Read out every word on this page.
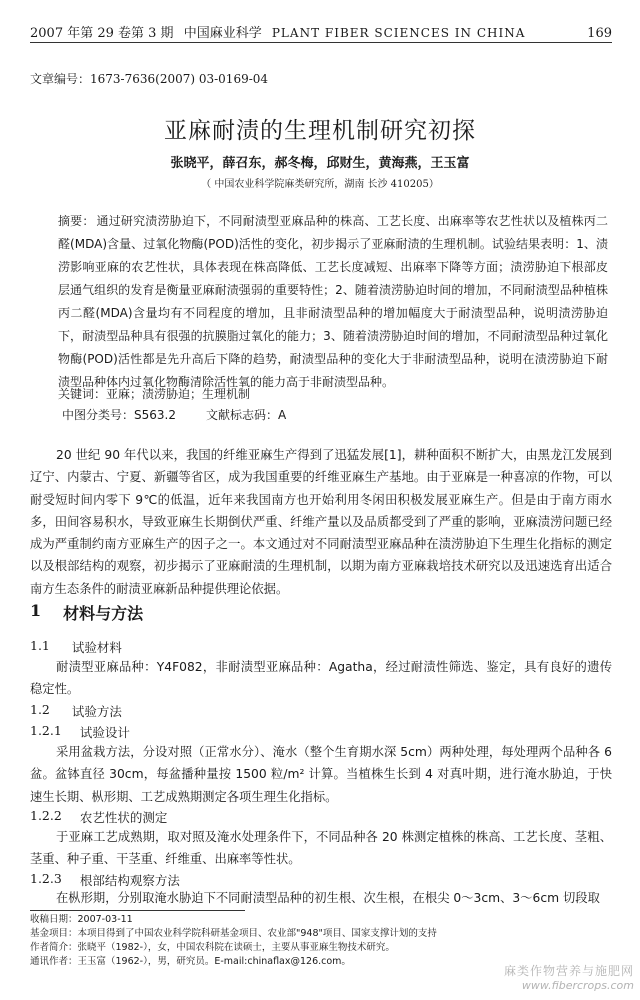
2007 年第 29 卷第 3 期 中国麻业科学 PLANT FIBER SCIENCES IN CHINA	169
文章编号：1673-7636(2007) 03-0169-04
亚麻耐渍的生理机制研究初探
张晓平，薛召东，郝冬梅，邱财生，黄海燕，王玉富
（ 中国农业科学院麻类研究所，湖南 长沙 410205）
摘要： 通过研究渍涝胁迫下，不同耐渍型亚麻品种的株高、工艺长度、出麻率等农艺性状以及植株丙二醛(MDA)含量、过氧化物酶(POD)活性的变化，初步揭示了亚麻耐渍的生理机制。试验结果表明：1、渍涝影响亚麻的农艺性状，具体表现在株高降低、工艺长度减短、出麻率下降等方面；渍涝胁迫下根部皮层通气组织的发育是衡量亚麻耐渍强弱的重要特性；2、随着渍涝胁迫时间的增加，不同耐渍型品种植株丙二醛(MDA)含量均有不同程度的增加，且非耐渍型品种的增加幅度大于耐渍型品种，说明渍涝胁迫下，耐渍型品种具有很强的抗膜脂过氧化的能力；3、随着渍涝胁迫时间的增加，不同耐渍型品种过氧化物酶(POD)活性都是先升高后下降的趋势，耐渍型品种的变化大于非耐渍型品种，说明在渍涝胁迫下耐渍型品种体内过氧化物酶清除活性氧的能力高于非耐渍型品种。
关键词：亚麻；渍涝胁迫；生理机制
中图分类号：S563.2	文献标志码：A
20 世纪 90 年代以来，我国的纤维亚麻生产得到了迅猛发展[1]，耕种面积不断扩大，由黑龙江发展到辽宁、内蒙古、宁夏、新疆等省区，成为我国重要的纤维亚麻生产基地。由于亚麻是一种喜凉的作物，可以耐受短时间内零下 9℃的低温，近年来我国南方也开始利用冬闲田积极发展亚麻生产。但是由于南方雨水多，田间容易积水，导致亚麻生长期倒伏严重、纤维产量以及品质都受到了严重的影响，亚麻渍涝问题已经成为严重制约南方亚麻生产的因子之一。本文通过对不同耐渍型亚麻品种在渍涝胁迫下生理生化指标的测定以及根部结构的观察，初步揭示了亚麻耐渍的生理机制，以期为南方亚麻栽培技术研究以及迅速选育出适合南方生态条件的耐渍亚麻新品种提供理论依据。
1 材料与方法
1.1 试验材料
耐渍型亚麻品种：Y4F082，非耐渍型亚麻品种：Agatha，经过耐渍性筛选、鉴定，具有良好的遗传稳定性。
1.2 试验方法
1.2.1 试验设计
采用盆栽方法，分设对照（正常水分）、淹水（整个生育期水深 5cm）两种处理，每处理两个品种各 6 盆。盆钵直径 30cm，每盆播种量按 1500 粒/m² 计算。当植株生长到 4 对真叶期，进行淹水胁迫，于快速生长期、枞形期、工艺成熟期测定各项生理生化指标。
1.2.2 农艺性状的测定
于亚麻工艺成熟期，取对照及淹水处理条件下，不同品种各 20 株测定植株的株高、工艺长度、茎粗、茎重、种子重、干茎重、纤维重、出麻率等性状。
1.2.3 根部结构观察方法
在枞形期，分别取淹水胁迫下不同耐渍型品种的初生根、次生根，在根尖 0～3cm、3～6cm 切段取
收稿日期：2007-03-11
基金项目：本项目得到了中国农业科学院科研基金项目、农业部"948"项目、国家支撑计划的支持
作者简介：张晓平（1982-），女，中国农科院在读硕士，主要从事亚麻生物技术研究。
通讯作者：王玉富（1962-），男，研究员。E-mail:chinaflax@126.com。
麻类作物营养与施肥网
www.fibercrops.com
